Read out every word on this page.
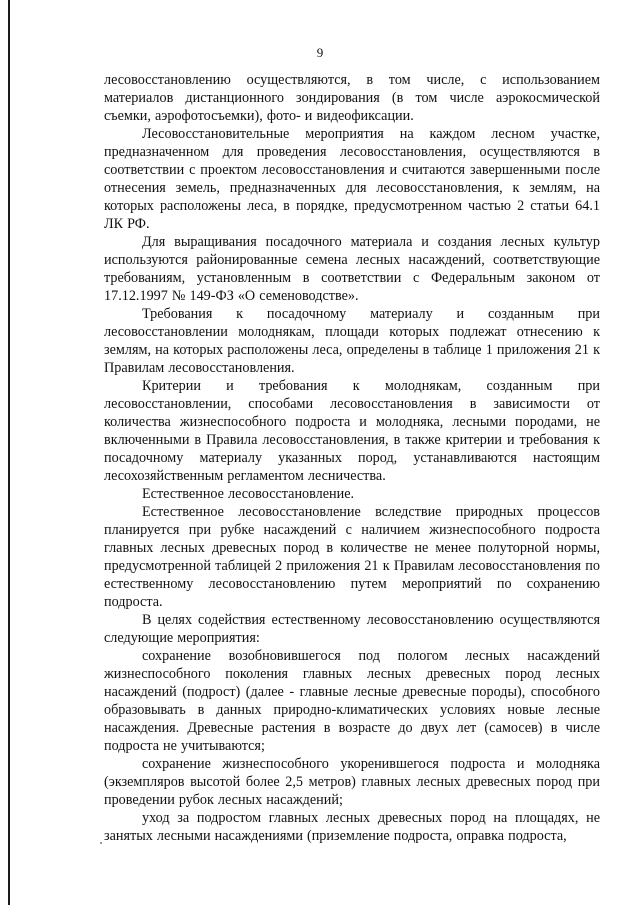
9

лесовосстановлению осуществляются, в том числе, с использованием материалов дистанционного зондирования (в том числе аэрокосмической съемки, аэрофотосъемки), фото- и видеофиксации.

Лесовосстановительные мероприятия на каждом лесном участке, предназначенном для проведения лесовосстановления, осуществляются в соответствии с проектом лесовосстановления и считаются завершенными после отнесения земель, предназначенных для лесовосстановления, к землям, на которых расположены леса, в порядке, предусмотренном частью 2 статьи 64.1 ЛК РФ.

Для выращивания посадочного материала и создания лесных культур используются районированные семена лесных насаждений, соответствующие требованиям, установленным в соответствии с Федеральным законом от 17.12.1997 № 149-ФЗ «О семеноводстве».

Требования к посадочному материалу и созданным при лесовосстановлении молоднякам, площади которых подлежат отнесению к землям, на которых расположены леса, определены в таблице 1 приложения 21 к Правилам лесовосстановления.

Критерии и требования к молоднякам, созданным при лесовосстановлении, способами лесовосстановления в зависимости от количества жизнеспособного подроста и молодняка, лесными породами, не включенными в Правила лесовосстановления, в также критерии и требования к посадочному материалу указанных пород, устанавливаются настоящим лесохозяйственным регламентом лесничества.

Естественное лесовосстановление.

Естественное лесовосстановление вследствие природных процессов планируется при рубке насаждений с наличием жизнеспособного подроста главных лесных древесных пород в количестве не менее полуторной нормы, предусмотренной таблицей 2 приложения 21 к Правилам лесовосстановления по естественному лесовосстановлению путем мероприятий по сохранению подроста.

В целях содействия естественному лесовосстановлению осуществляются следующие мероприятия:

сохранение возобновившегося под пологом лесных насаждений жизнеспособного поколения главных лесных древесных пород лесных насаждений (подрост) (далее - главные лесные древесные породы), способного образовывать в данных природно-климатических условиях новые лесные насаждения. Древесные растения в возрасте до двух лет (самосев) в числе подроста не учитываются;

сохранение жизнеспособного укоренившегося подроста и молодняка (экземпляров высотой более 2,5 метров) главных лесных древесных пород при проведении рубок лесных насаждений;

уход за подростом главных лесных древесных пород на площадях, не занятых лесными насаждениями (приземление подроста, оправка подроста,
